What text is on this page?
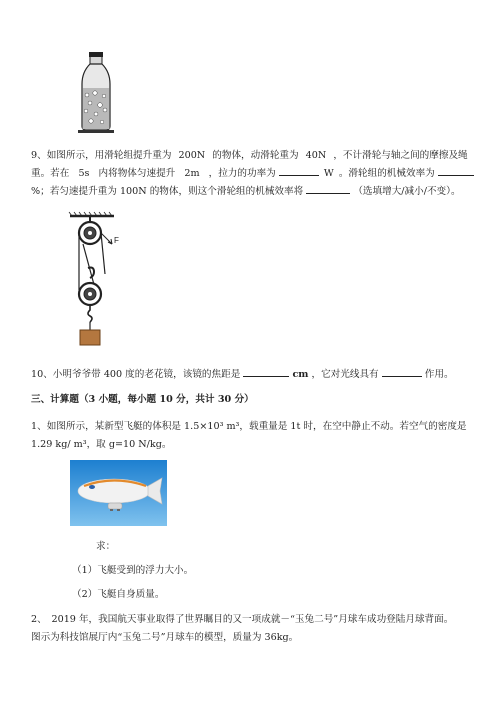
9、如图所示，用滑轮组提升重为 200N 的物体，动滑轮重为 40N ，不计滑轮与轴之间的摩擦及绳
重。若在 5s 内将物体匀速提升 2m ，拉力的功率为	W 。滑轮组的机械效率为
%；若匀速提升重为 100N 的物体，则这个滑轮组的机械效率将	（选填增大/减小/不变）。
F
10、小明爷爷带 400 度的老花镜，该镜的焦距是	cm ，它对光线具有	作用。
三、计算题（3 小题，每小题 10 分，共计 30 分）
1、如图所示，某新型飞艇的体积是 1.5×10³ m³，载重量是 1t 时，在空中静止不动。若空气的密度是
1.29 kg/ m³，取 g=10 N/kg。
求：
（1）飞艇受到的浮力大小。
（2）飞艇自身质量。
2、　2019 年，我国航天事业取得了世界瞩目的又一项成就－“玉兔二号”月球车成功登陆月球背面。
图示为科技馆展厅内“玉兔二号”月球车的模型，质量为 36kg。
